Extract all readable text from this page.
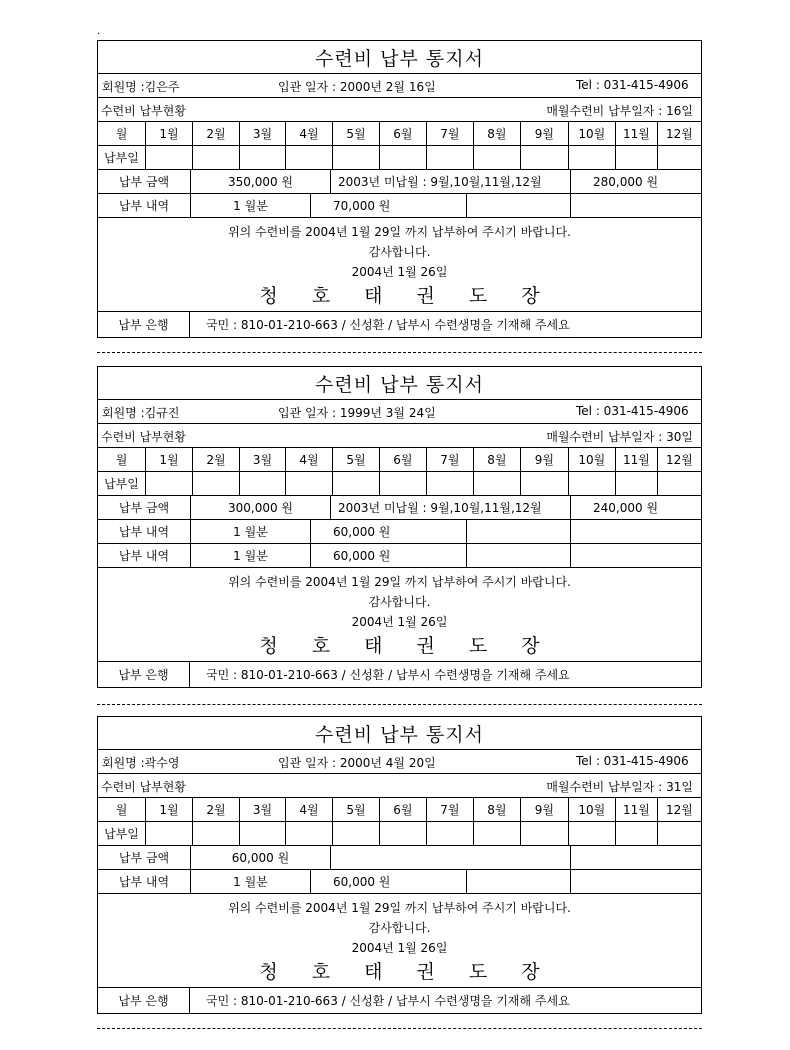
.
수련비 납부 통지서
회원명 :김은주	입관 일자 : 2000년 2월 16일	Tel : 031-415-4906
수련비 납부현황	매월수련비 납부일자 : 16일
월	1월	2월	3월	4월	5월	6월	7월	8월	9월	10월	11월	12월
납부일
납부 금액	350,000 원	2003년 미납월 : 9월,10월,11월,12월	280,000 원
납부 내역	1 월분	70,000 원
위의 수련비를 2004년 1월 29일 까지 납부하여 주시기 바랍니다.
감사합니다.
2004년 1월 26일
청 호 태 권 도 장
납부 은행	국민 : 810-01-210-663 / 신성환 / 납부시 수련생명을 기재해 주세요
수련비 납부 통지서
회원명 :김규진	입관 일자 : 1999년 3월 24일	Tel : 031-415-4906
수련비 납부현황	매월수련비 납부일자 : 30일
월	1월	2월	3월	4월	5월	6월	7월	8월	9월	10월	11월	12월
납부일
납부 금액	300,000 원	2003년 미납월 : 9월,10월,11월,12월	240,000 원
납부 내역	1 월분	60,000 원
납부 내역	1 월분	60,000 원
위의 수련비를 2004년 1월 29일 까지 납부하여 주시기 바랍니다.
감사합니다.
2004년 1월 26일
청 호 태 권 도 장
납부 은행	국민 : 810-01-210-663 / 신성환 / 납부시 수련생명을 기재해 주세요
수련비 납부 통지서
회원명 :곽수영	입관 일자 : 2000년 4월 20일	Tel : 031-415-4906
수련비 납부현황	매월수련비 납부일자 : 31일
월	1월	2월	3월	4월	5월	6월	7월	8월	9월	10월	11월	12월
납부일
납부 금액	60,000 원
납부 내역	1 월분	60,000 원
위의 수련비를 2004년 1월 29일 까지 납부하여 주시기 바랍니다.
감사합니다.
2004년 1월 26일
청 호 태 권 도 장
납부 은행	국민 : 810-01-210-663 / 신성환 / 납부시 수련생명을 기재해 주세요
